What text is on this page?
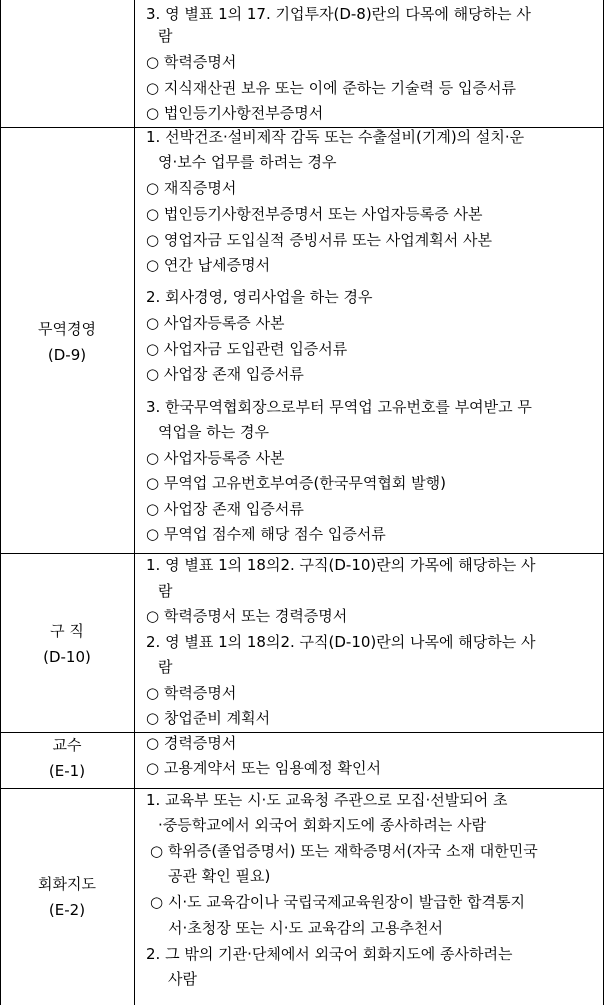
3. 영 별표 1의 17. 기업투자(D-8)란의 다목에 해당하는 사
람
○ 학력증명서
○ 지식재산권 보유 또는 이에 준하는 기술력 등 입증서류
○ 법인등기사항전부증명서
무역경영
(D-9)
1. 선박건조·설비제작 감독 또는 수출설비(기계)의 설치·운
영·보수 업무를 하려는 경우
○ 재직증명서
○ 법인등기사항전부증명서 또는 사업자등록증 사본
○ 영업자금 도입실적 증빙서류 또는 사업계획서 사본
○ 연간 납세증명서
2. 회사경영, 영리사업을 하는 경우
○ 사업자등록증 사본
○ 사업자금 도입관련 입증서류
○ 사업장 존재 입증서류
3. 한국무역협회장으로부터 무역업 고유번호를 부여받고 무
역업을 하는 경우
○ 사업자등록증 사본
○ 무역업 고유번호부여증(한국무역협회 발행)
○ 사업장 존재 입증서류
○ 무역업 점수제 해당 점수 입증서류
구 직
(D-10)
1. 영 별표 1의 18의2. 구직(D-10)란의 가목에 해당하는 사
람
○ 학력증명서 또는 경력증명서
2. 영 별표 1의 18의2. 구직(D-10)란의 나목에 해당하는 사
람
○ 학력증명서
○ 창업준비 계획서
교수
(E-1)
○ 경력증명서
○ 고용계약서 또는 임용예정 확인서
회화지도
(E-2)
1. 교육부 또는 시·도 교육청 주관으로 모집·선발되어 초
·중등학교에서 외국어 회화지도에 종사하려는 사람
○ 학위증(졸업증명서) 또는 재학증명서(자국 소재 대한민국
공관 확인 필요)
○ 시·도 교육감이나 국립국제교육원장이 발급한 합격통지
서·초청장 또는 시·도 교육감의 고용추천서
2. 그 밖의 기관·단체에서 외국어 회화지도에 종사하려는
사람
